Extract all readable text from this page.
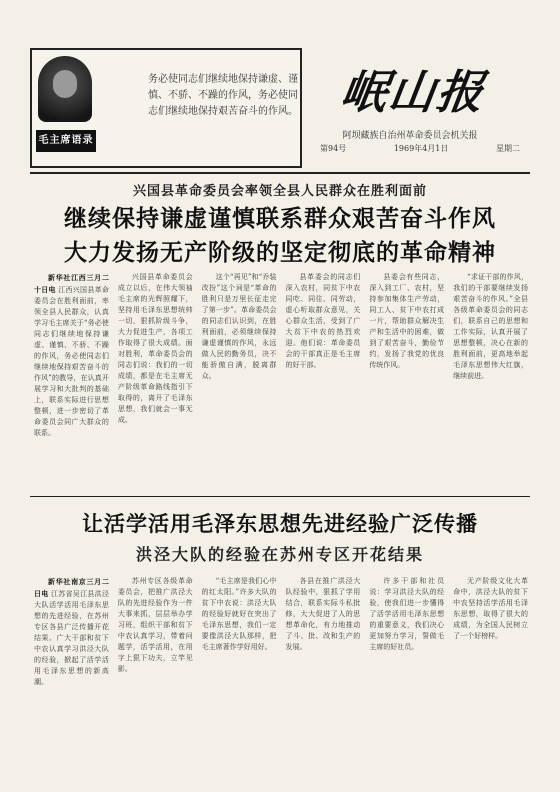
毛主席语录
务必使同志们继续地保持谦虚、谨慎、不骄、不躁的作风，务必使同志们继续地保持艰苦奋斗的作风。 岷山报
阿坝藏族自治州革命委员会机关报
第94号	1969年4月1日	星期二
兴国县革命委员会率领全县人民群众在胜利面前
继续保持谦虚谨慎联系群众艰苦奋斗作风
大力发扬无产阶级的坚定彻底的革命精神

新华社江西三月二十日电 江西兴国县革命委员会在胜利面前，率领全县人民群众，认真学习毛主席关于“务必使同志们继续地保持谦虚、谨慎、不骄、不躁的作风，务必使同志们继续地保持艰苦奋斗的作风”的教导，在认真开展学习和大批判的基础上，联系实际进行思想整顿，进一步密切了革命委员会同广大群众的联系。

兴国县革命委员会成立以后，在伟大领袖毛主席的光辉照耀下，坚持用毛泽东思想统帅一切，狠抓阶级斗争，大力促进生产，各项工作取得了很大成绩。面对胜利，革命委员会的同志们说：我们的一切成绩，都是在毛主席无产阶级革命路线指引下取得的，离开了毛泽东思想，我们就会一事无成。

这个“再见”和“乔装改扮”这个词是“革命的胜利只是万里长征走完了第一步”。革命委员会的同志们认识到，在胜利面前，必须继续保持谦虚谨慎的作风，永远做人民的勤务员，决不能骄傲自满，脱离群众。

县革委会的同志们深入农村，同贫下中农同吃、同住、同劳动，虚心听取群众意见，关心群众生活，受到了广大贫下中农的热烈欢迎。他们说：革命委员会的干部真正是毛主席的好干部。

县委会有些同志，深入到工厂、农村，坚持参加集体生产劳动，同工人、贫下中农打成一片，帮助群众解决生产和生活中的困难，做到了艰苦奋斗，勤俭节约，发扬了我党的优良传统作风。

“求证干部的作风，我们的干部要继续发扬艰苦奋斗的作风。”全县各级革命委员会的同志们，联系自己的思想和工作实际，认真开展了思想整顿，决心在新的胜利面前，更高地举起毛泽东思想伟大红旗，继续前进。

让活学活用毛泽东思想先进经验广泛传播
洪泾大队的经验在苏州专区开花结果

新华社南京三月二日电 江苏省吴江县洪泾大队活学活用毛泽东思想的先进经验，在苏州专区各县广泛传播开花结果。广大干部和贫下中农认真学习洪泾大队的经验，掀起了活学活用毛泽东思想的新高潮。

苏州专区各级革命委员会，把推广洪泾大队的先进经验作为一件大事来抓，层层举办学习班，组织干部和贫下中农认真学习，带着问题学，活学活用，在用字上狠下功夫，立竿见影。

“毛主席是我们心中的红太阳。”许多大队的贫下中农说：洪泾大队的经验好就好在突出了毛泽东思想，我们一定要像洪泾大队那样，把毛主席著作学好用好。

各县在推广洪泾大队经验中，狠抓了学用结合，联系实际斗私批修，大大促进了人的思想革命化，有力地推动了斗、批、改和生产的发展。

许多干部和社员说：学习洪泾大队的经验，使我们进一步懂得了活学活用毛泽东思想的重要意义，我们决心更加努力学习，誓做毛主席的好社员。

无产阶级文化大革命中，洪泾大队的贫下中农坚持活学活用毛泽东思想，取得了很大的成绩，为全国人民树立了一个好榜样。
